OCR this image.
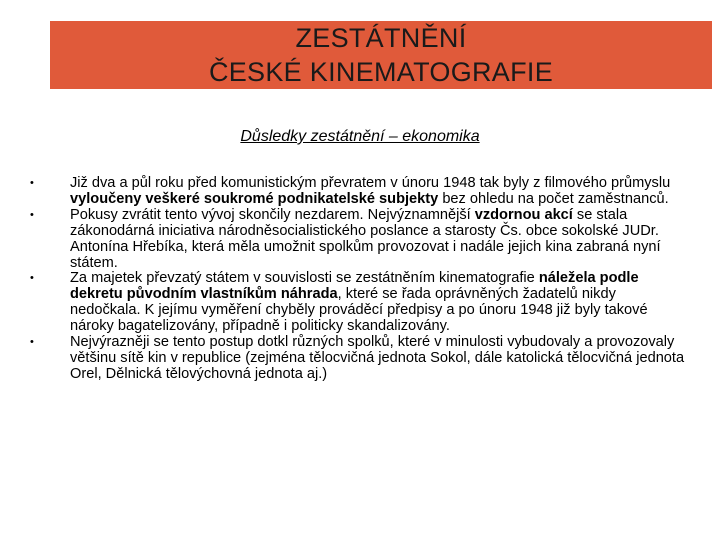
ZESTÁTNĚNÍ
ČESKÉ KINEMATOGRAFIE
Důsledky zestátnění – ekonomika
•	Již dva a půl roku před komunistickým převratem v únoru 1948 tak byly z filmového průmyslu vyloučeny veškeré soukromé podnikatelské subjekty bez ohledu na počet zaměstnanců.
•	Pokusy zvrátit tento vývoj skončily nezdarem. Nejvýznamnější vzdornou akcí se stala zákonodárná iniciativa národněsocialistického poslance a starosty Čs. obce sokolské JUDr. Antonína Hřebíka, která měla umožnit spolkům provozovat i nadále jejich kina zabraná nyní státem.
•	Za majetek převzatý státem v souvislosti se zestátněním kinematografie náležela podle dekretu původním vlastníkům náhrada, které se řada oprávněných žadatelů nikdy nedočkala. K jejímu vyměření chyběly prováděcí předpisy a po únoru 1948 již byly takové nároky bagatelizovány, případně i politicky skandalizovány.
•	Nejvýrazněji se tento postup dotkl různých spolků, které v minulosti vybudovaly a provozovaly většinu sítě kin v republice (zejména tělocvičná jednota Sokol, dále katolická tělocvičná jednota Orel, Dělnická tělovýchovná jednota aj.)
